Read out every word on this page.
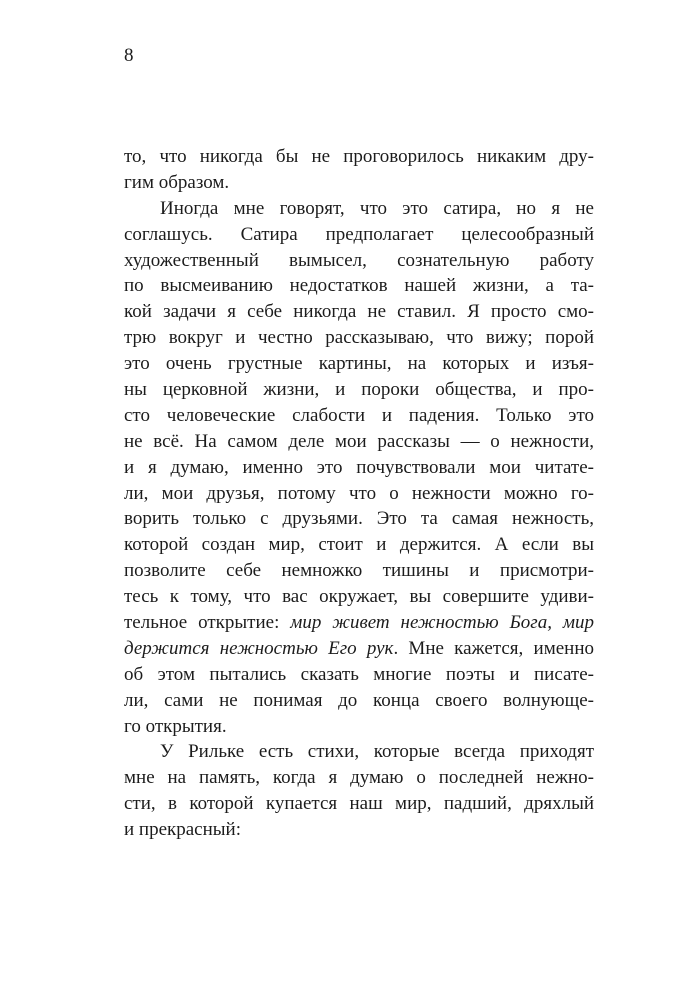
8
то, что никогда бы не проговорилось никаким дру-
гим образом.
Иногда мне говорят, что это сатира, но я не
соглашусь. Сатира предполагает целесообразный
художественный вымысел, сознательную работу
по высмеиванию недостатков нашей жизни, а та-
кой задачи я себе никогда не ставил. Я просто смо-
трю вокруг и честно рассказываю, что вижу; порой
это очень грустные картины, на которых и изъя-
ны церковной жизни, и пороки общества, и про-
сто человеческие слабости и падения. Только это
не всё. На самом деле мои рассказы — о нежности,
и я думаю, именно это почувствовали мои читате-
ли, мои друзья, потому что о нежности можно го-
ворить только с друзьями. Это та самая нежность,
которой создан мир, стоит и держится. А если вы
позволите себе немножко тишины и присмотри-
тесь к тому, что вас окружает, вы совершите удиви-
тельное открытие: мир живет нежностью Бога, мир
держится нежностью Его рук. Мне кажется, именно
об этом пытались сказать многие поэты и писате-
ли, сами не понимая до конца своего волнующе-
го открытия.
У Рильке есть стихи, которые всегда приходят
мне на память, когда я думаю о последней нежно-
сти, в которой купается наш мир, падший, дряхлый
и прекрасный:
